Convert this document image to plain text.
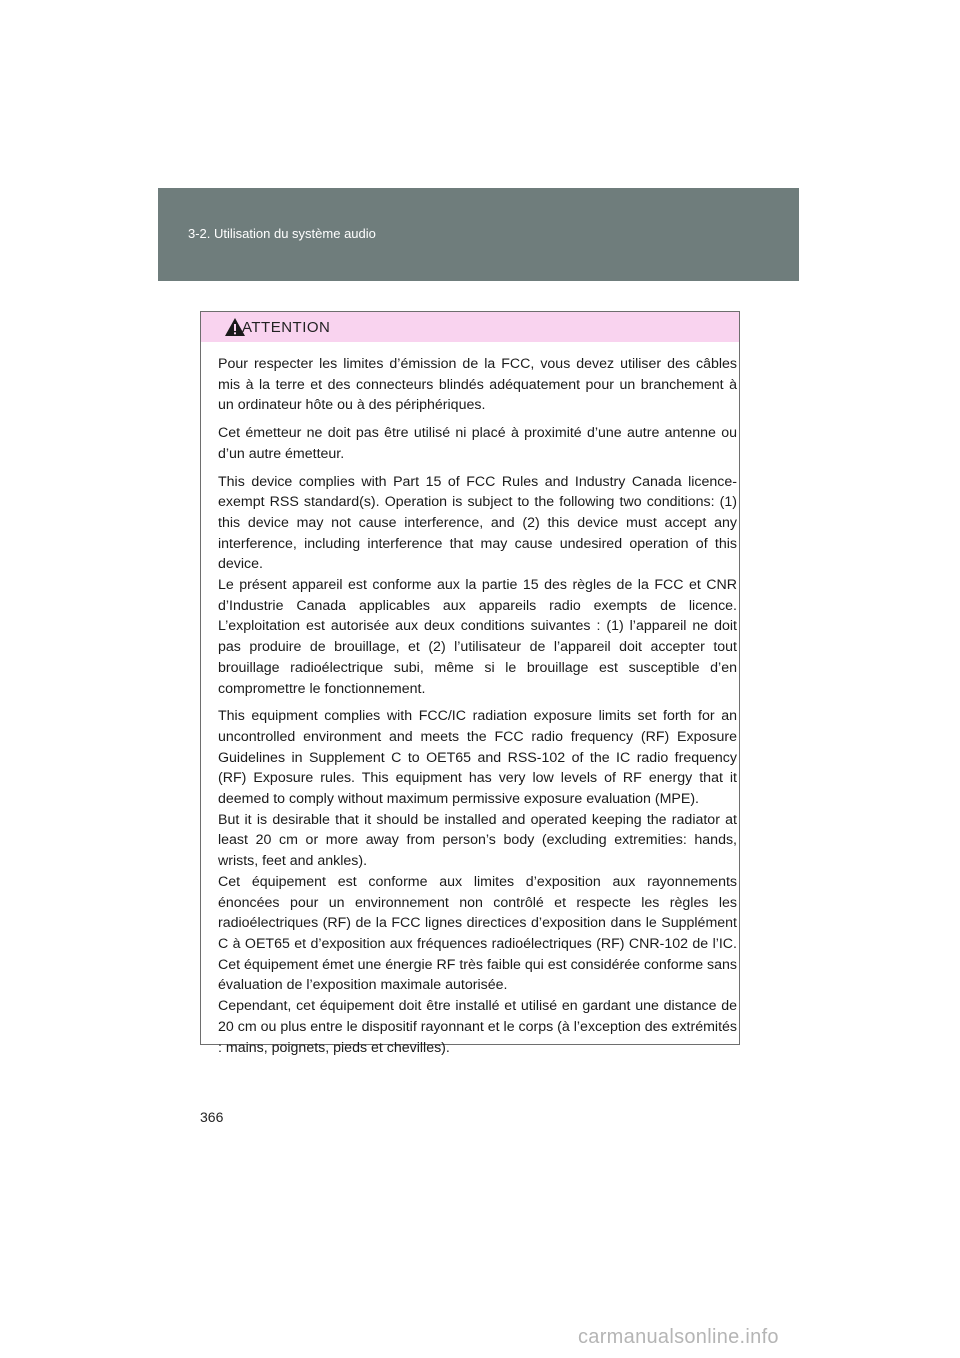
3-2. Utilisation du système audio
ATTENTION

Pour respecter les limites d’émission de la FCC, vous devez utiliser des câbles mis à la terre et des connecteurs blindés adéquatement pour un branchement à un ordinateur hôte ou à des périphériques.

Cet émetteur ne doit pas être utilisé ni placé à proximité d’une autre antenne ou d’un autre émetteur.

This device complies with Part 15 of FCC Rules and Industry Canada licence-exempt RSS standard(s). Operation is subject to the following two conditions: (1) this device may not cause interference, and (2) this device must accept any interference, including interference that may cause undesired operation of this device.

Le présent appareil est conforme aux la partie 15 des règles de la FCC et CNR d’Industrie Canada applicables aux appareils radio exempts de licence. L’exploitation est autorisée aux deux conditions suivantes : (1) l’appareil ne doit pas produire de brouillage, et (2) l’utilisateur de l’appareil doit accepter tout brouillage radioélectrique subi, même si le brouillage est susceptible d’en compromettre le fonctionnement.

This equipment complies with FCC/IC radiation exposure limits set forth for an uncontrolled environment and meets the FCC radio frequency (RF) Exposure Guidelines in Supplement C to OET65 and RSS-102 of the IC radio frequency (RF) Exposure rules. This equipment has very low levels of RF energy that it deemed to comply without maximum permissive exposure evaluation (MPE).

But it is desirable that it should be installed and operated keeping the radiator at least 20 cm or more away from person’s body (excluding extremities: hands, wrists, feet and ankles).

Cet équipement est conforme aux limites d’exposition aux rayonnements énoncées pour un environnement non contrôlé et respecte les règles les radioélectriques (RF) de la FCC lignes directices d’exposition dans le Supplément C à OET65 et d’exposition aux fréquences radioélectriques (RF) CNR-102 de l’IC. Cet équipement émet une énergie RF très faible qui est considérée conforme sans évaluation de l’exposition maximale autorisée.

Cependant, cet équipement doit être installé et utilisé en gardant une distance de 20 cm ou plus entre le dispositif rayonnant et le corps (à l’exception des extrémités : mains, poignets, pieds et chevilles).

366
carmanualsonline.info
